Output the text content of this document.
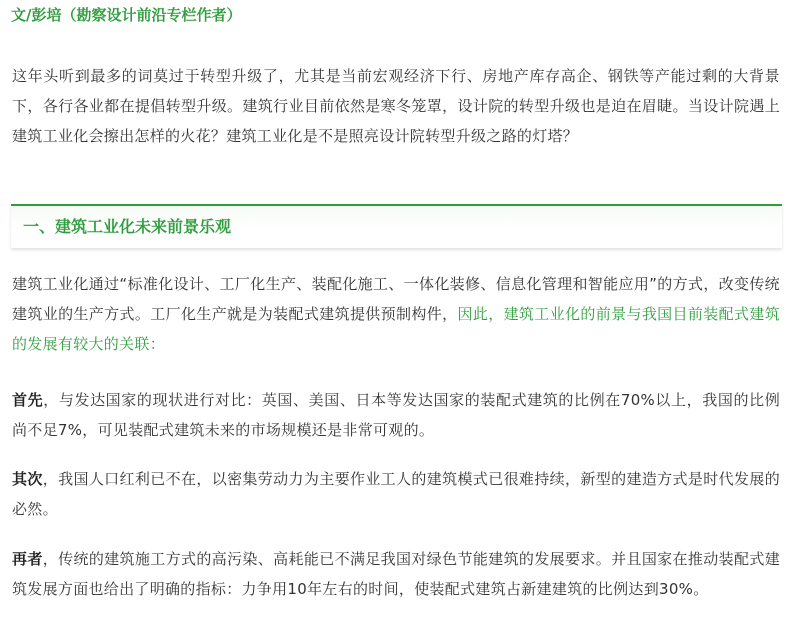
文/彭培（勘察设计前沿专栏作者）

这年头听到最多的词莫过于转型升级了，尤其是当前宏观经济下行、房地产库存高企、钢铁等产能过剩的大背景下，各行各业都在提倡转型升级。建筑行业目前依然是寒冬笼罩，设计院的转型升级也是迫在眉睫。当设计院遇上建筑工业化会擦出怎样的火花？建筑工业化是不是照亮设计院转型升级之路的灯塔？

一、建筑工业化未来前景乐观

建筑工业化通过“标准化设计、工厂化生产、装配化施工、一体化装修、信息化管理和智能应用”的方式，改变传统建筑业的生产方式。工厂化生产就是为装配式建筑提供预制构件，因此，建筑工业化的前景与我国目前装配式建筑的发展有较大的关联：

首先，与发达国家的现状进行对比：英国、美国、日本等发达国家的装配式建筑的比例在70%以上，我国的比例尚不足7%，可见装配式建筑未来的市场规模还是非常可观的。

其次，我国人口红利已不在，以密集劳动力为主要作业工人的建筑模式已很难持续，新型的建造方式是时代发展的必然。

再者，传统的建筑施工方式的高污染、高耗能已不满足我国对绿色节能建筑的发展要求。并且国家在推动装配式建筑发展方面也给出了明确的指标：力争用10年左右的时间，使装配式建筑占新建建筑的比例达到30%。
